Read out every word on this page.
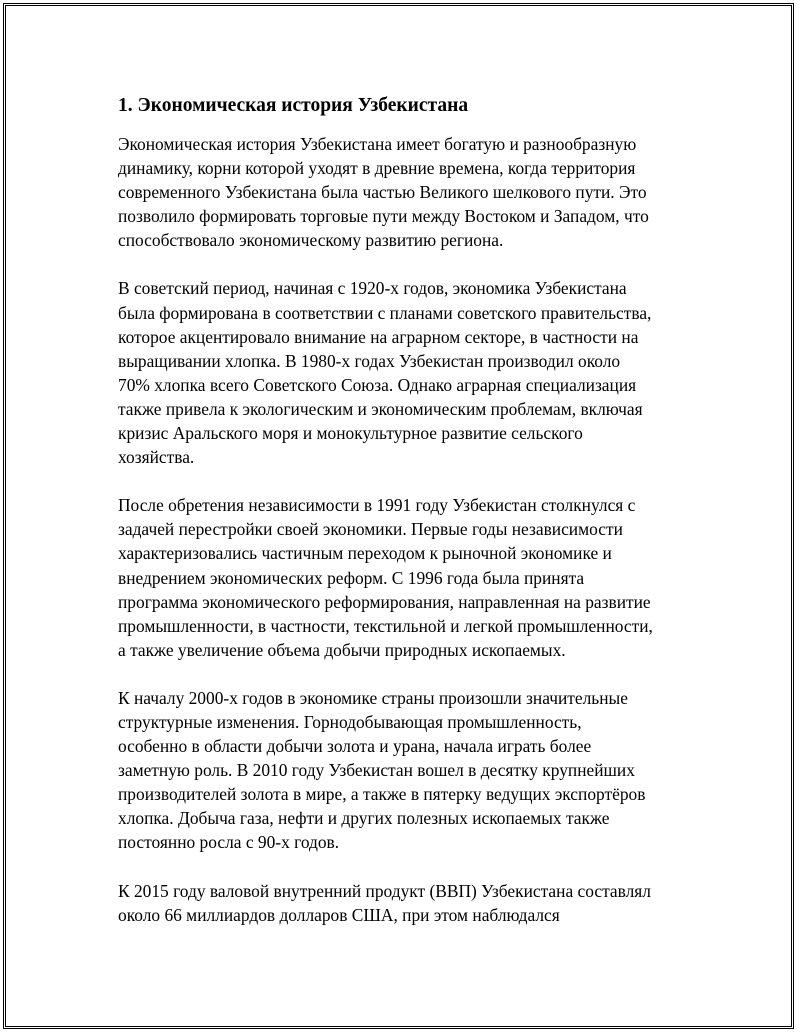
1. Экономическая история Узбекистана
Экономическая история Узбекистана имеет богатую и разнообразную
динамику, корни которой уходят в древние времена, когда территория
современного Узбекистана была частью Великого шелкового пути. Это
позволило формировать торговые пути между Востоком и Западом, что
способствовало экономическому развитию региона.
В советский период, начиная с 1920-х годов, экономика Узбекистана
была формирована в соответствии с планами советского правительства,
которое акцентировало внимание на аграрном секторе, в частности на
выращивании хлопка. В 1980-х годах Узбекистан производил около
70% хлопка всего Советского Союза. Однако аграрная специализация
также привела к экологическим и экономическим проблемам, включая
кризис Аральского моря и монокультурное развитие сельского
хозяйства.
После обретения независимости в 1991 году Узбекистан столкнулся с
задачей перестройки своей экономики. Первые годы независимости
характеризовались частичным переходом к рыночной экономике и
внедрением экономических реформ. С 1996 года была принята
программа экономического реформирования, направленная на развитие
промышленности, в частности, текстильной и легкой промышленности,
а также увеличение объема добычи природных ископаемых.
К началу 2000-х годов в экономике страны произошли значительные
структурные изменения. Горнодобывающая промышленность,
особенно в области добычи золота и урана, начала играть более
заметную роль. В 2010 году Узбекистан вошел в десятку крупнейших
производителей золота в мире, а также в пятерку ведущих экспортёров
хлопка. Добыча газа, нефти и других полезных ископаемых также
постоянно росла с 90-х годов.
К 2015 году валовой внутренний продукт (ВВП) Узбекистана составлял
около 66 миллиардов долларов США, при этом наблюдался
